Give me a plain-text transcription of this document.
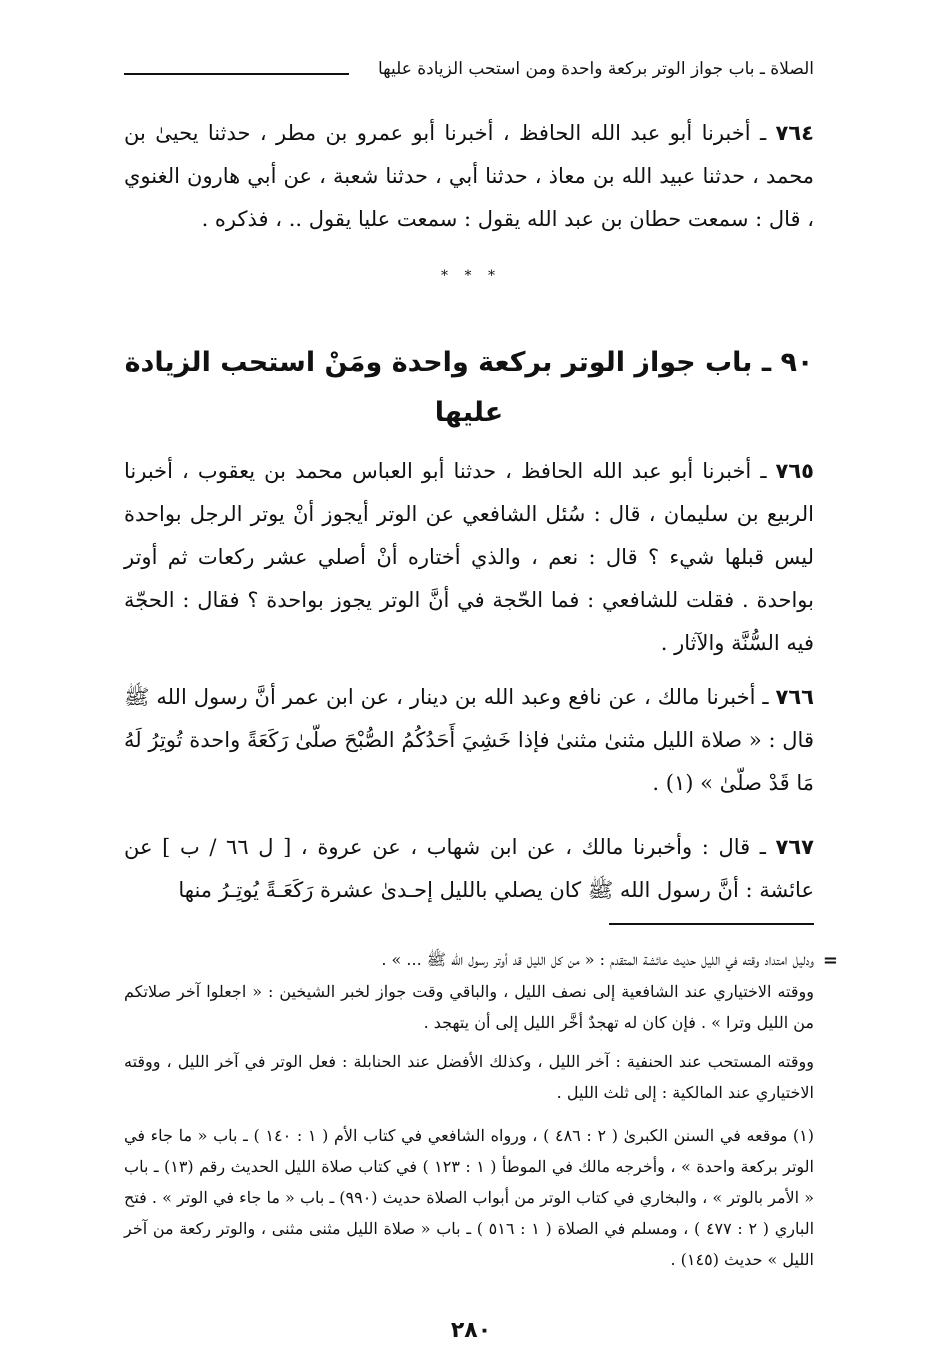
الصلاة ـ باب جواز الوتر بركعة واحدة ومن استحب الزيادة عليها
٧٦٤ ـ أخبرنا أبو عبد الله الحافظ ، أخبرنا أبو عمرو بن مطر ، حدثنا يحيىٰ بن محمد ، حدثنا عبيد الله بن معاذ ، حدثنا أبي ، حدثنا شعبة ، عن أبي هارون الغنوي ، قال : سمعت حطان بن عبد الله يقول : سمعت عليا يقول .. ، فذكره .
* * *
٩٠ ـ باب جواز الوتر بركعة واحدة ومَنْ استحب الزيادة عليها
٧٦٥ ـ أخبرنا أبو عبد الله الحافظ ، حدثنا أبو العباس محمد بن يعقوب ، أخبرنا الربيع بن سليمان ، قال : سُئل الشافعي عن الوتر أيجوز أنْ يوتر الرجل بواحدة ليس قبلها شيء ؟ قال : نعم ، والذي أختاره أنْ أصلي عشر ركعات ثم أوتر بواحدة . فقلت للشافعي : فما الحّجة في أنَّ الوتر يجوز بواحدة ؟ فقال : الحجّة فيه السُّنَّة والآثار .
٧٦٦ ـ أخبرنا مالك ، عن نافع وعبد الله بن دينار ، عن ابن عمر أنَّ رسول الله ﷺ قال : « صلاة الليل مثنىٰ مثنىٰ فإذا خَشِيَ أَحَدُكُمُ الصُّبْحَ صلّىٰ رَكَعَةً واحدة تُوتِرُ لَهُ مَا قَدْ صلّىٰ » (١) .
٧٦٧ ـ قال : وأخبرنا مالك ، عن ابن شهاب ، عن عروة ، [ ل ٦٦ / ب ] عن عائشة : أنَّ رسول الله ﷺ كان يصلي بالليل إحـدىٰ عشرة رَكَعَـةً يُوتِـرُ منها
=
ودليل امتداد وقته في الليل حديث عائشة المتقدم : « من كل الليل قد أوتر رسول الله ﷺ ... » .
ووقته الاختياري عند الشافعية إلى نصف الليل ، والباقي وقت جواز لخبر الشيخين : « اجعلوا آخر صلاتكم من الليل وترا » . فإن كان له تهجدٌ أخَّر الليل إلى أن يتهجد .
ووقته المستحب عند الحنفية : آخر الليل ، وكذلك الأفضل عند الحنابلة : فعل الوتر في آخر الليل ، ووقته الاختياري عند المالكية : إلى ثلث الليل .
(١) موقعه في السنن الكبرىٰ ( ٢ : ٤٨٦ ) ، ورواه الشافعي في كتاب الأم ( ١ : ١٤٠ ) ـ باب « ما جاء في الوتر بركعة واحدة » ، وأخرجه مالك في الموطأ ( ١ : ١٢٣ ) في كتاب صلاة الليل الحديث رقم (١٣) ـ باب « الأمر بالوتر » ، والبخاري في كتاب الوتر من أبواب الصلاة حديث (٩٩٠) ـ باب « ما جاء في الوتر » . فتح الباري ( ٢ : ٤٧٧ ) ، ومسلم في الصلاة ( ١ : ٥١٦ ) ـ باب « صلاة الليل مثنى مثنى ، والوتر ركعة من آخر الليل » حديث (١٤٥) .
٢٨٠
